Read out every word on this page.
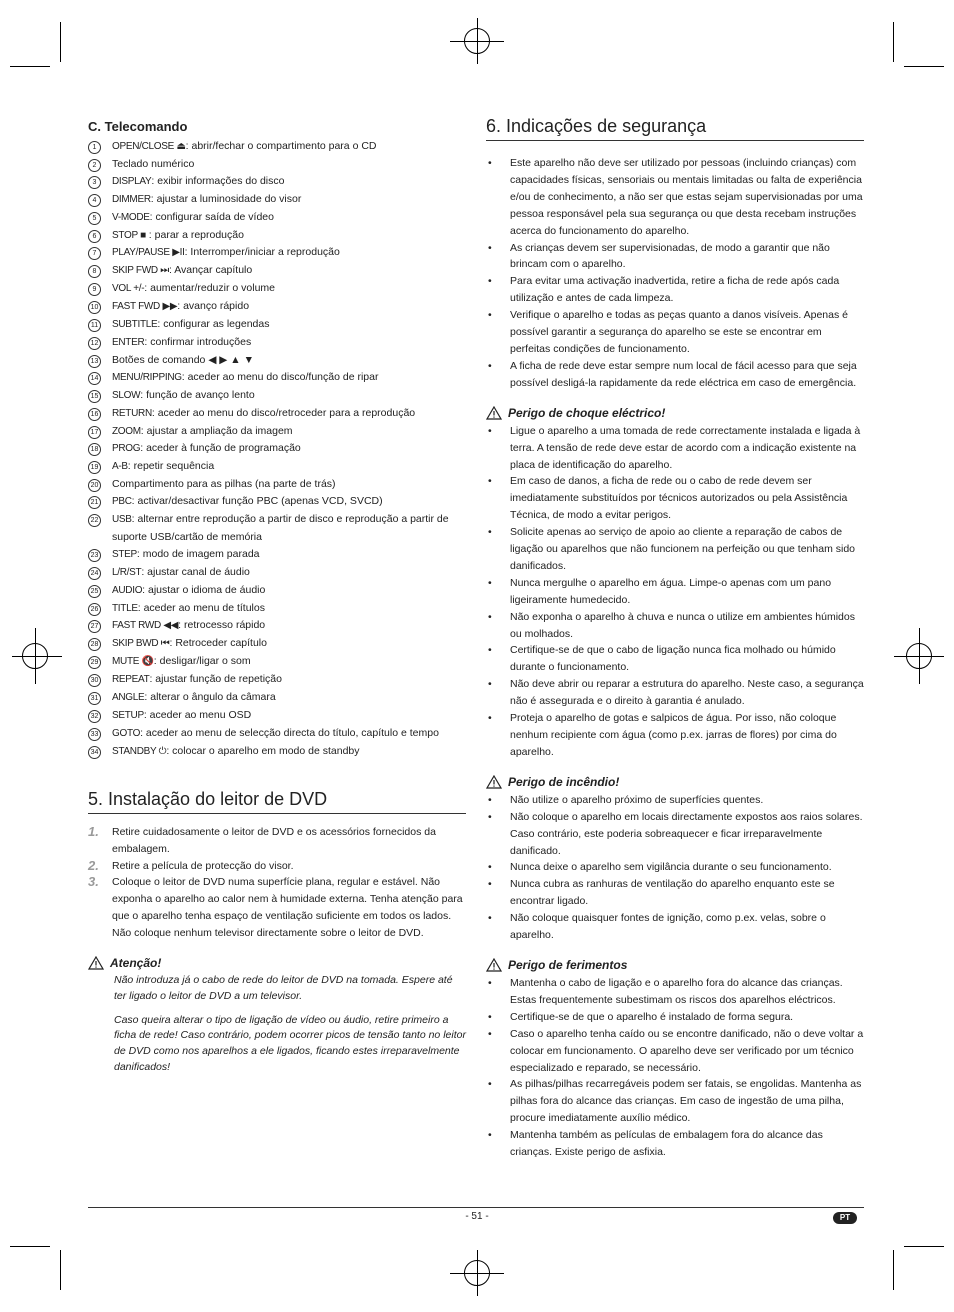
C. Telecomando
1	OPEN/CLOSE ⏏: abrir/fechar o compartimento para o CD
2	Teclado numérico
3	DISPLAY: exibir informações do disco
4	DIMMER: ajustar a luminosidade do visor
5	V-MODE: configurar saída de vídeo
6	STOP ■ : parar a reprodução
7	PLAY/PAUSE ▶II: Interromper/iniciar a reprodução
8	SKIP FWD ⏭: Avançar capítulo
9	VOL +/-: aumentar/reduzir o volume
10	FAST FWD ▶▶: avanço rápido
11	SUBTITLE: configurar as legendas
12	ENTER: confirmar introduções
13	Botões de comando ◀ ▶ ▲ ▼
14	MENU/RIPPING: aceder ao menu do disco/função de ripar
15	SLOW: função de avanço lento
16	RETURN: aceder ao menu do disco/retroceder para a reprodução
17	ZOOM: ajustar a ampliação da imagem
18	PROG: aceder à função de programação
19	A-B: repetir sequência
20	Compartimento para as pilhas (na parte de trás)
21	PBC: activar/desactivar função PBC (apenas VCD, SVCD)
22	USB: alternar entre reprodução a partir de disco e reprodução a partir de suporte USB/cartão de memória
23	STEP: modo de imagem parada
24	L/R/ST: ajustar canal de áudio
25	AUDIO: ajustar o idioma de áudio
26	TITLE: aceder ao menu de títulos
27	FAST RWD ◀◀: retrocesso rápido
28	SKIP BWD ⏮: Retroceder capítulo
29	MUTE 🔇: desligar/ligar o som
30	REPEAT: ajustar função de repetição
31	ANGLE: alterar o ângulo da câmara
32	SETUP: aceder ao menu OSD
33	GOTO: aceder ao menu de selecção directa do título, capítulo e tempo
34	STANDBY ⏻: colocar o aparelho em modo de standby
5. Instalação do leitor de DVD
1.	Retire cuidadosamente o leitor de DVD e os acessórios fornecidos da embalagem.
2.	Retire a película de protecção do visor.
3.	Coloque o leitor de DVD numa superfície plana, regular e estável. Não exponha o aparelho ao calor nem à humidade externa. Tenha atenção para que o aparelho tenha espaço de ventilação suficiente em todos os lados. Não coloque nenhum televisor directamente sobre o leitor de DVD.
Atenção!

Não introduza já o cabo de rede do leitor de DVD na tomada. Espere até ter ligado o leitor de DVD a um televisor.

Caso queira alterar o tipo de ligação de vídeo ou áudio, retire primeiro a ficha de rede! Caso contrário, podem ocorrer picos de tensão tanto no leitor de DVD como nos aparelhos a ele ligados, ficando estes irreparavelmente danificados!

6. Indicações de segurança
•	Este aparelho não deve ser utilizado por pessoas (incluindo crianças) com capacidades físicas, sensoriais ou mentais limitadas ou falta de experiência e/ou de conhecimento, a não ser que estas sejam supervisionadas por uma pessoa responsável pela sua segurança ou que desta recebam instruções acerca do funcionamento do aparelho.
•	As crianças devem ser supervisionadas, de modo a garantir que não brincam com o aparelho.
•	Para evitar uma activação inadvertida, retire a ficha de rede após cada utilização e antes de cada limpeza.
•	Verifique o aparelho e todas as peças quanto a danos visíveis. Apenas é possível garantir a segurança do aparelho se este se encontrar em perfeitas condições de funcionamento.
•	A ficha de rede deve estar sempre num local de fácil acesso para que seja possível desligá-la rapidamente da rede eléctrica em caso de emergência.
Perigo de choque eléctrico!
•	Ligue o aparelho a uma tomada de rede correctamente instalada e ligada à terra. A tensão de rede deve estar de acordo com a indicação existente na placa de identificação do aparelho.
•	Em caso de danos, a ficha de rede ou o cabo de rede devem ser imediatamente substituídos por técnicos autorizados ou pela Assistência Técnica, de modo a evitar perigos.
•	Solicite apenas ao serviço de apoio ao cliente a reparação de cabos de ligação ou aparelhos que não funcionem na perfeição ou que tenham sido danificados.
•	Nunca mergulhe o aparelho em água. Limpe-o apenas com um pano ligeiramente humedecido.
•	Não exponha o aparelho à chuva e nunca o utilize em ambientes húmidos ou molhados.
•	Certifique-se de que o cabo de ligação nunca fica molhado ou húmido durante o funcionamento.
•	Não deve abrir ou reparar a estrutura do aparelho. Neste caso, a segurança não é assegurada e o direito à garantia é anulado.
•	Proteja o aparelho de gotas e salpicos de água. Por isso, não coloque nenhum recipiente com água (como p.ex. jarras de flores) por cima do aparelho.
Perigo de incêndio!
•	Não utilize o aparelho próximo de superfícies quentes.
•	Não coloque o aparelho em locais directamente expostos aos raios solares. Caso contrário, este poderia sobreaquecer e ficar irreparavelmente danificado.
•	Nunca deixe o aparelho sem vigilância durante o seu funcionamento.
•	Nunca cubra as ranhuras de ventilação do aparelho enquanto este se encontrar ligado.
•	Não coloque quaisquer fontes de ignição, como p.ex. velas, sobre o aparelho.
Perigo de ferimentos
•	Mantenha o cabo de ligação e o aparelho fora do alcance das crianças. Estas frequentemente subestimam os riscos dos aparelhos eléctricos.
•	Certifique-se de que o aparelho é instalado de forma segura.
•	Caso o aparelho tenha caído ou se encontre danificado, não o deve voltar a colocar em funcionamento. O aparelho deve ser verificado por um técnico especializado e reparado, se necessário.
•	As pilhas/pilhas recarregáveis podem ser fatais, se engolidas. Mantenha as pilhas fora do alcance das crianças. Em caso de ingestão de uma pilha, procure imediatamente auxílio médico.
•	Mantenha também as películas de embalagem fora do alcance das crianças. Existe perigo de asfixia.
- 51 -	PT
